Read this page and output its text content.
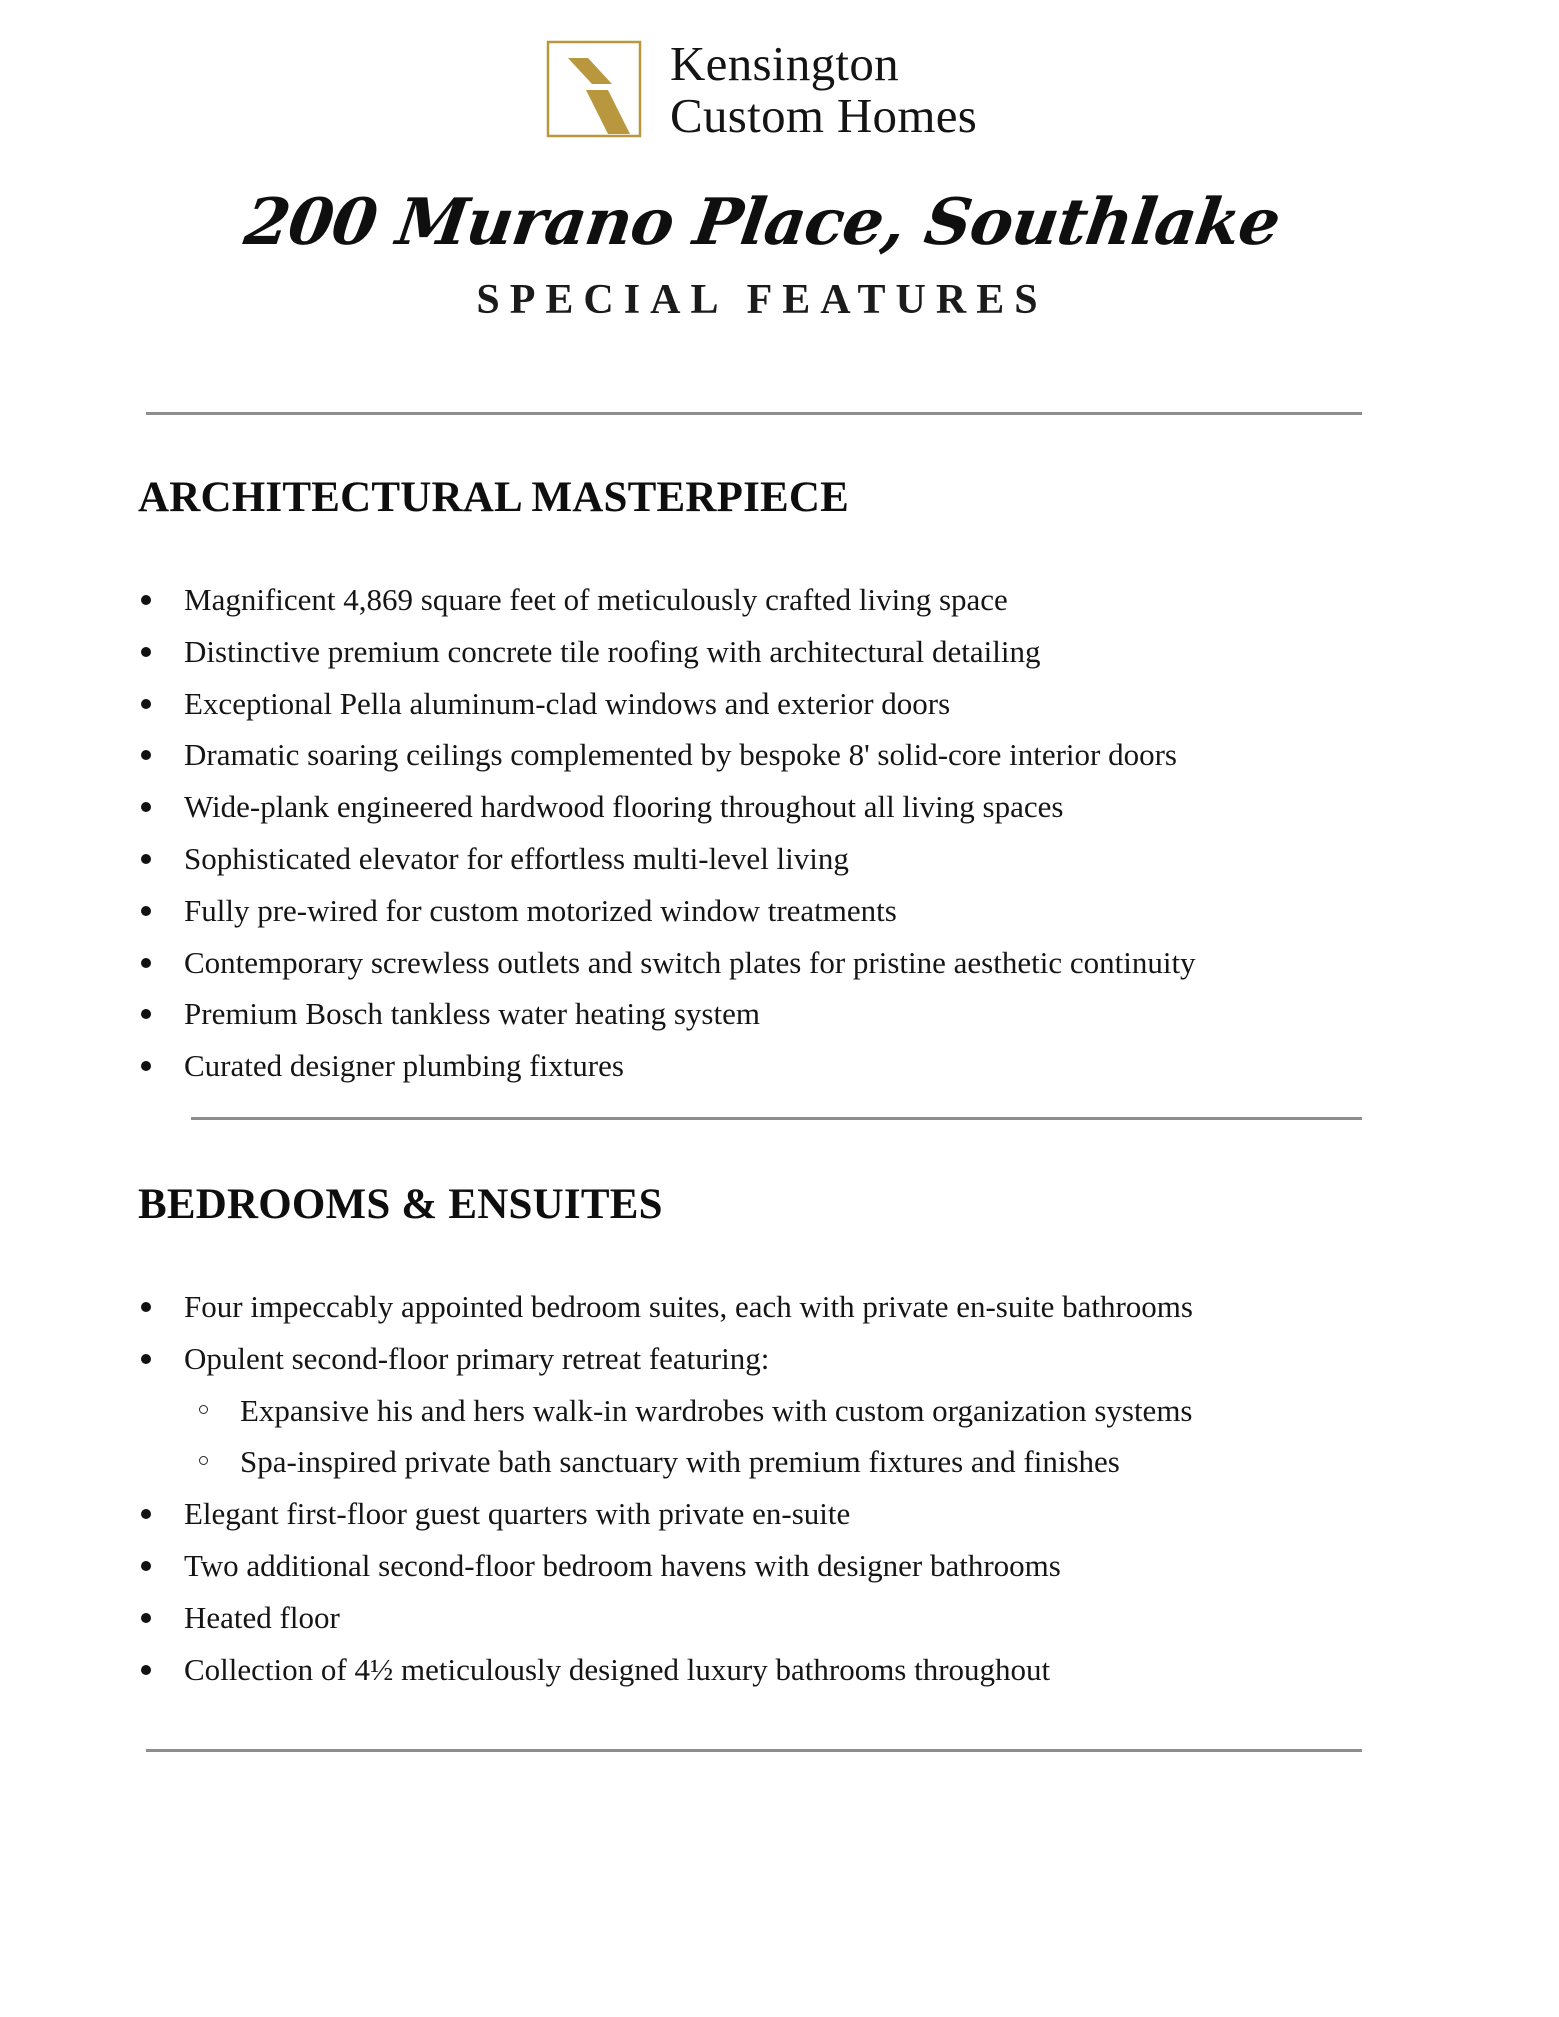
Kensington
Custom Homes
200 Murano Place, Southlake
SPECIAL FEATURES
ARCHITECTURAL MASTERPIECE
Magnificent 4,869 square feet of meticulously crafted living space
Distinctive premium concrete tile roofing with architectural detailing
Exceptional Pella aluminum-clad windows and exterior doors
Dramatic soaring ceilings complemented by bespoke 8' solid-core interior doors
Wide-plank engineered hardwood flooring throughout all living spaces
Sophisticated elevator for effortless multi-level living
Fully pre-wired for custom motorized window treatments
Contemporary screwless outlets and switch plates for pristine aesthetic continuity
Premium Bosch tankless water heating system
Curated designer plumbing fixtures
BEDROOMS & ENSUITES
Four impeccably appointed bedroom suites, each with private en-suite bathrooms
Opulent second-floor primary retreat featuring:
Expansive his and hers walk-in wardrobes with custom organization systems
Spa-inspired private bath sanctuary with premium fixtures and finishes
Elegant first-floor guest quarters with private en-suite
Two additional second-floor bedroom havens with designer bathrooms
Heated floor
Collection of 4½ meticulously designed luxury bathrooms throughout
